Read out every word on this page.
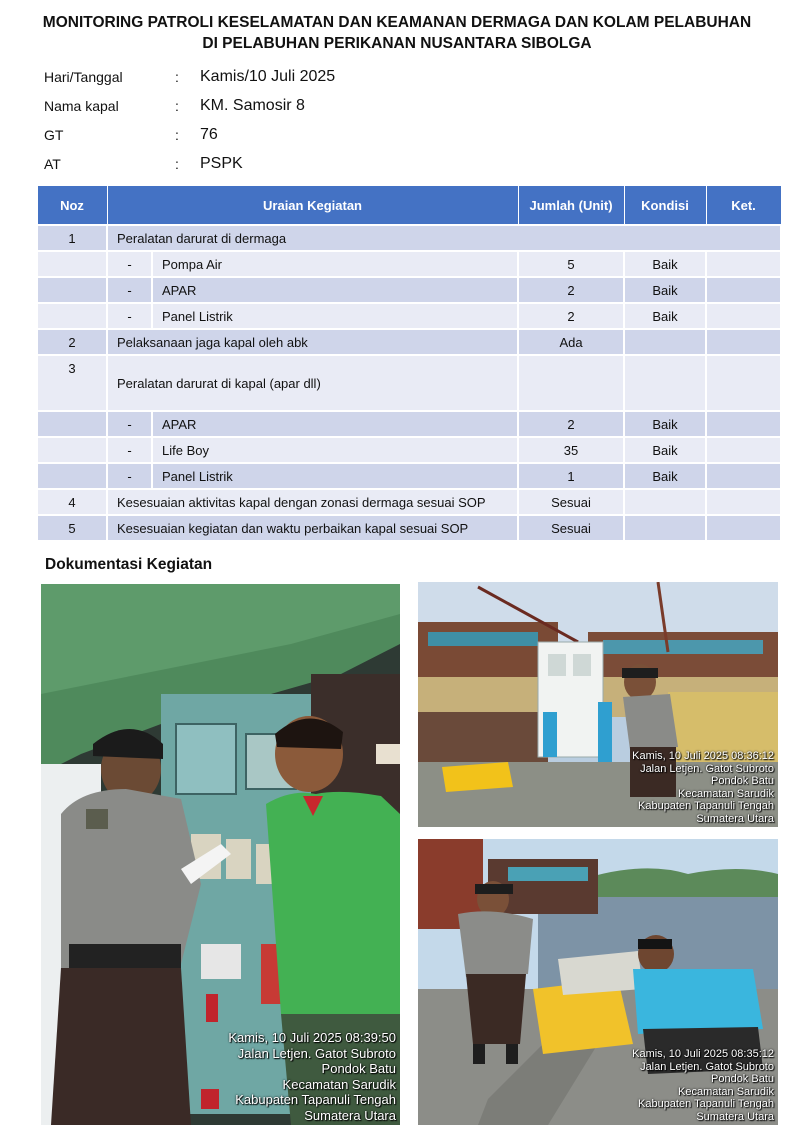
MONITORING PATROLI KESELAMATAN DAN KEAMANAN DERMAGA DAN KOLAM PELABUHAN
DI PELABUHAN PERIKANAN NUSANTARA SIBOLGA
Hari/Tanggal	: Kamis/10 Juli 2025
Nama kapal	: KM. Samosir 8
GT	: 76
AT	: PSPK
Noz	Uraian Kegiatan		Jumlah (Unit)	Kondisi	Ket.
1	Peralatan darurat di dermaga				
	-	Pompa Air	5	Baik	
	-	APAR	2	Baik	
	-	Panel Listrik	2	Baik	
2	Pelaksanaan jaga kapal oleh abk		Ada		
3	Peralatan darurat di kapal (apar dll)				
	-	APAR	2	Baik	
	-	Life Boy	35	Baik	
	-	Panel Listrik	1	Baik	
4	Kesesuaian aktivitas kapal dengan zonasi dermaga sesuai SOP		Sesuai		
5	Kesesuaian kegiatan dan waktu perbaikan kapal sesuai SOP		Sesuai		
Dokumentasi Kegiatan
Kamis, 10 Juli 2025 08:39:50
Jalan Letjen. Gatot Subroto
Pondok Batu
Kecamatan Sarudik
Kabupaten Tapanuli Tengah
Sumatera Utara
Kamis, 10 Juli 2025 08:36:12
Jalan Letjen. Gatot Subroto
Pondok Batu
Kecamatan Sarudik
Kabupaten Tapanuli Tengah
Sumatera Utara
Kamis, 10 Juli 2025 08:35:12
Jalan Letjen. Gatot Subroto
Pondok Batu
Kecamatan Sarudik
Kabupaten Tapanuli Tengah
Sumatera Utara
